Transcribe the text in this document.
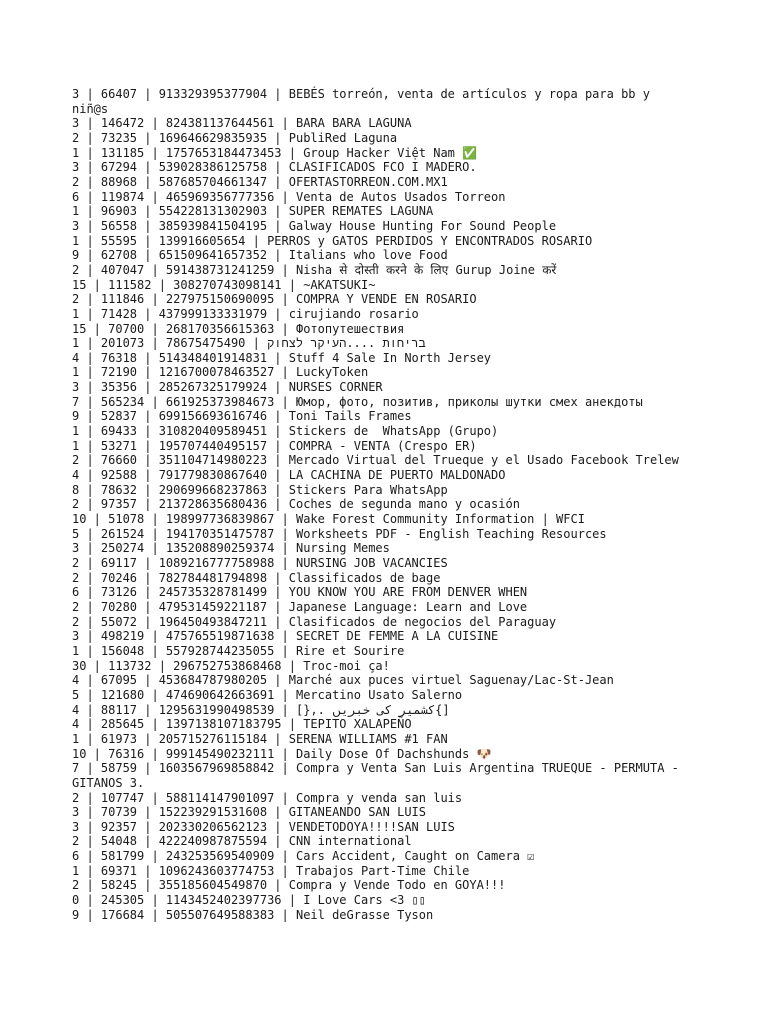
3 | 66407 | 913329395377904 | BEBÉS torreón, venta de artículos y ropa para bb y niñ@s

3 | 146472 | 824381137644561 | BARA BARA LAGUNA

2 | 73235 | 169646629835935 | PubliRed Laguna

1 | 131185 | 1757653184473453 | Group Hacker Việt Nam ✅

3 | 67294 | 539028386125758 | CLASIFICADOS FCO I MADERO.

2 | 88968 | 587685704661347 | OFERTASTORREON.COM.MX1

6 | 119874 | 465969356777356 | Venta de Autos Usados Torreon

1 | 96903 | 554228131302903 | SUPER REMATES LAGUNA

3 | 56558 | 385939841504195 | Galway House Hunting For Sound People

1 | 55595 | 139916605654 | PERROS y GATOS PERDIDOS Y ENCONTRADOS ROSARIO

9 | 62708 | 651509641657352 | Italians who love Food

2 | 407047 | 591438731241259 | Nisha से दोस्ती करने के लिए Gurup Joine करें

15 | 111582 | 308270743098141 | ~AKATSUKI~

2 | 111846 | 227975150690095 | COMPRA Y VENDE EN ROSARIO

1 | 71428 | 437999133331979 | cirujiando rosario

15 | 70700 | 268170356615363 | Фотопутешествия

1 | 201073 | 78675475490 | בריחות ....העיקר לצחוק

4 | 76318 | 514348401914831 | Stuff 4 Sale In North Jersey

1 | 72190 | 1216700078463527 | LuckyToken

3 | 35356 | 285267325179924 | NURSES CORNER

7 | 565234 | 661925373984673 | Юмор, фото, позитив, приколы шутки смех анекдоты

9 | 52837 | 699156693616746 | Toni Tails Frames

1 | 69433 | 310820409589451 | Stickers de  WhatsApp (Grupo)

1 | 53271 | 195707440495157 | COMPRA - VENTA (Crespo ER)

2 | 76660 | 351104714980223 | Mercado Virtual del Trueque y el Usado Facebook Trelew

4 | 92588 | 791779830867640 | LA CACHINA DE PUERTO MALDONADO

8 | 78632 | 290699668237863 | Stickers Para WhatsApp

2 | 97357 | 213728635680436 | Coches de segunda mano y ocasión

10 | 51078 | 198997736839867 | Wake Forest Community Information | WFCI

5 | 261524 | 194170351475787 | Worksheets PDF - English Teaching Resources

3 | 250274 | 135208890259374 | Nursing Memes

2 | 69117 | 1089216777758988 | NURSING JOB VACANCIES

2 | 70246 | 782784481794898 | Classificados de bage

6 | 73126 | 245735328781499 | YOU KNOW YOU ARE FROM DENVER WHEN

2 | 70280 | 479531459221187 | Japanese Language: Learn and Love

2 | 55072 | 196450493847211 | Clasificados de negocios del Paraguay

3 | 498219 | 475765519871638 | SECRET DE FEMME A LA CUISINE

1 | 156048 | 557928744235055 | Rire et Sourire

30 | 113732 | 296752753868468 | Troc-moi ça!

4 | 67095 | 453684787980205 | Marché aux puces virtuel Saguenay/Lac-St-Jean

5 | 121680 | 474690642663691 | Mercatino Usato Salerno

4 | 88117 | 1295631990498539 | [},. کشمیر کی خبریں{]

4 | 285645 | 1397138107183795 | TEPITO XALAPEÑO

1 | 61973 | 205715276115184 | SERENA WILLIAMS #1 FAN

10 | 76316 | 999145490232111 | Daily Dose Of Dachshunds 🐶

7 | 58759 | 1603567969858842 | Compra y Venta San Luis Argentina TRUEQUE - PERMUTA - GITANOS 3.

2 | 107747 | 588114147901097 | Compra y venda san luis

3 | 70739 | 152239291531608 | GITANEANDO SAN LUIS

3 | 92357 | 202330206562123 | VENDETODOYA!!!!SAN LUIS

2 | 54048 | 422240987875594 | CNN international

6 | 581799 | 243253569540909 | Cars Accident, Caught on Camera ☑

1 | 69371 | 1096243603774753 | Trabajos Part-Time Chile

2 | 58245 | 355185604549870 | Compra y Vende Todo en GOYA!!!

0 | 245305 | 1143452402397736 | I Love Cars <3 ▯▯

9 | 176684 | 505507649588383 | Neil deGrasse Tyson
